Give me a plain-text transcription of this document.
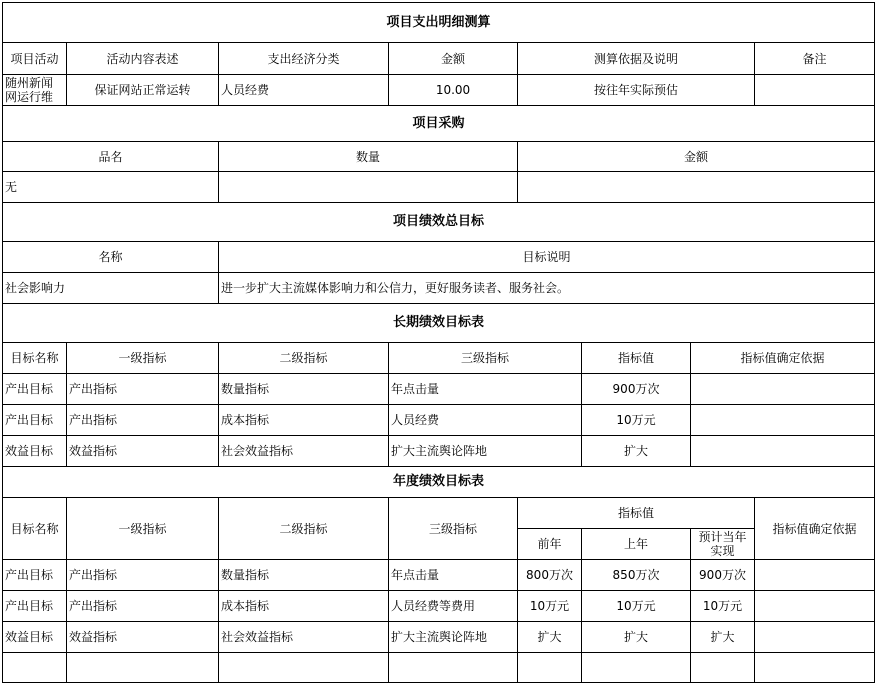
项目支出明细测算							
项目活动	活动内容表述	支出经济分类	金额	测算依据及说明			备注
随州新闻网运行维	保证网站正常运转	人员经费	10.00	按往年实际预估			
项目采购							
品名		数量		金额			
无							
项目绩效总目标							
名称		目标说明					
社会影响力		进一步扩大主流媒体影响力和公信力，更好服务读者、服务社会。					
长期绩效目标表							
目标名称	一级指标	二级指标	三级指标		指标值	指标值确定依据	
产出目标	产出指标	数量指标	年点击量		900万次		
产出目标	产出指标	成本指标	人员经费		10万元		
效益目标	效益指标	社会效益指标	扩大主流舆论阵地		扩大		
年度绩效目标表							
目标名称	一级指标	二级指标	三级指标	指标值			指标值确定依据
				前年	上年	预计当年实现	
产出目标	产出指标	数量指标	年点击量	800万次	850万次	900万次	
产出目标	产出指标	成本指标	人员经费等费用	10万元	10万元	10万元	
效益目标	效益指标	社会效益指标	扩大主流舆论阵地	扩大	扩大	扩大	
